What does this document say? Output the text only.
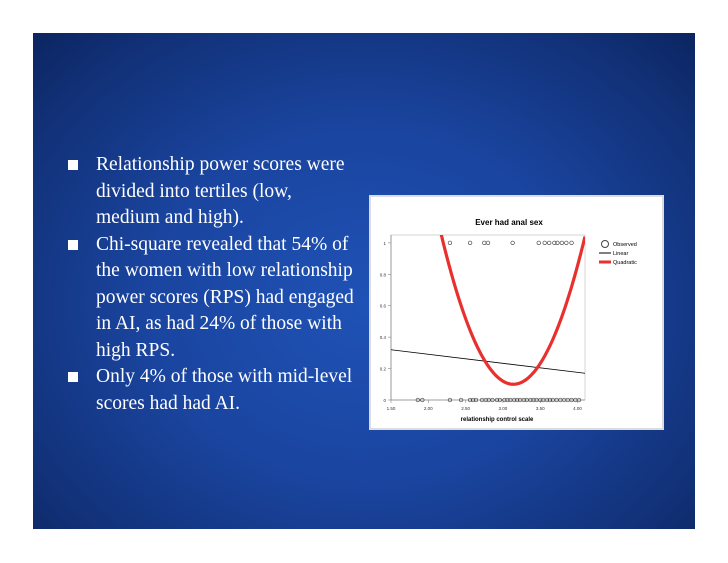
Relationship power scores were divided into tertiles (low, medium and high).
Chi-square revealed that 54% of the women with low relationship power scores (RPS) had engaged in AI, as had 24% of those with high RPS.
Only 4% of those with mid-level scores had had AI.
Ever had anal sex
0
0.2
0.4
0.6
0.8
1
1.50	2.00	2.50	3.00	3.50	4.00
relationship control scale
Observed
Linear
Quadratic
